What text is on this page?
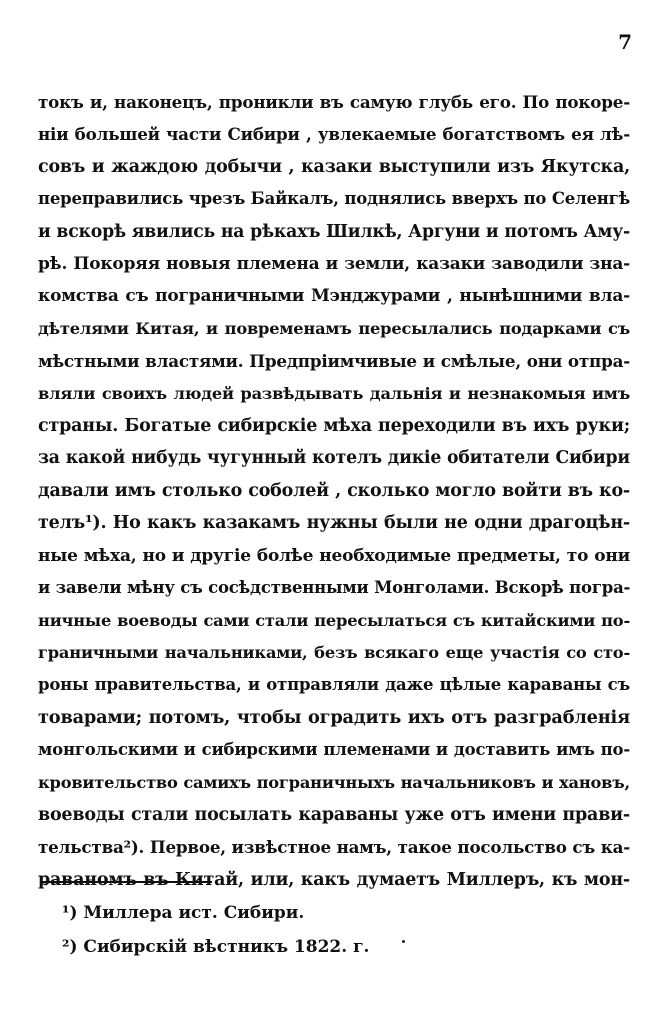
7
токъ и, наконецъ, проникли въ самую глубь его. По покоре-
ніи большей части Сибири , увлекаемые богатствомъ ея лѣ-
совъ и жаждою добычи , казаки выступили изъ Якутска,
переправились чрезъ Байкалъ, поднялись вверхъ по Селенгѣ
и вскорѣ явились на рѣкахъ Шилкѣ, Аргуни и потомъ Аму-
рѣ. Покоряя новыя племена и земли, казаки заводили зна-
комства съ пограничными Мэнджурами , нынѣшними вла-
дѣтелями Китая, и повременамъ пересылались подарками съ
мѣстными властями. Предпріимчивые и смѣлые, они отпра-
вляли своихъ людей развѣдывать дальнія и незнакомыя имъ
страны. Богатые сибирскіе мѣха переходили въ ихъ руки;
за какой нибудь чугунный котелъ дикіе обитатели Сибири
давали имъ столько соболей , сколько могло войти въ ко-
телъ¹). Но какъ казакамъ нужны были не одни драгоцѣн-
ные мѣха, но и другіе болѣе необходимые предметы, то они
и завели мѣну съ сосѣдственными Монголами. Вскорѣ погра-
ничные воеводы сами стали пересылаться съ китайскими по-
граничными начальниками, безъ всякаго еще участія со сто-
роны правительства, и отправляли даже цѣлые караваны съ
товарами; потомъ, чтобы оградить ихъ отъ разграбленія
монгольскими и сибирскими племенами и доставить имъ по-
кровительство самихъ пограничныхъ начальниковъ и хановъ,
воеводы стали посылать караваны уже отъ имени прави-
тельства²). Первое, извѣстное намъ, такое посольство съ ка-
раваномъ въ Китай, или, какъ думаетъ Миллеръ, къ мон-
¹) Миллера ист. Сибири.
²) Сибирскій вѣстникъ 1822. г.
